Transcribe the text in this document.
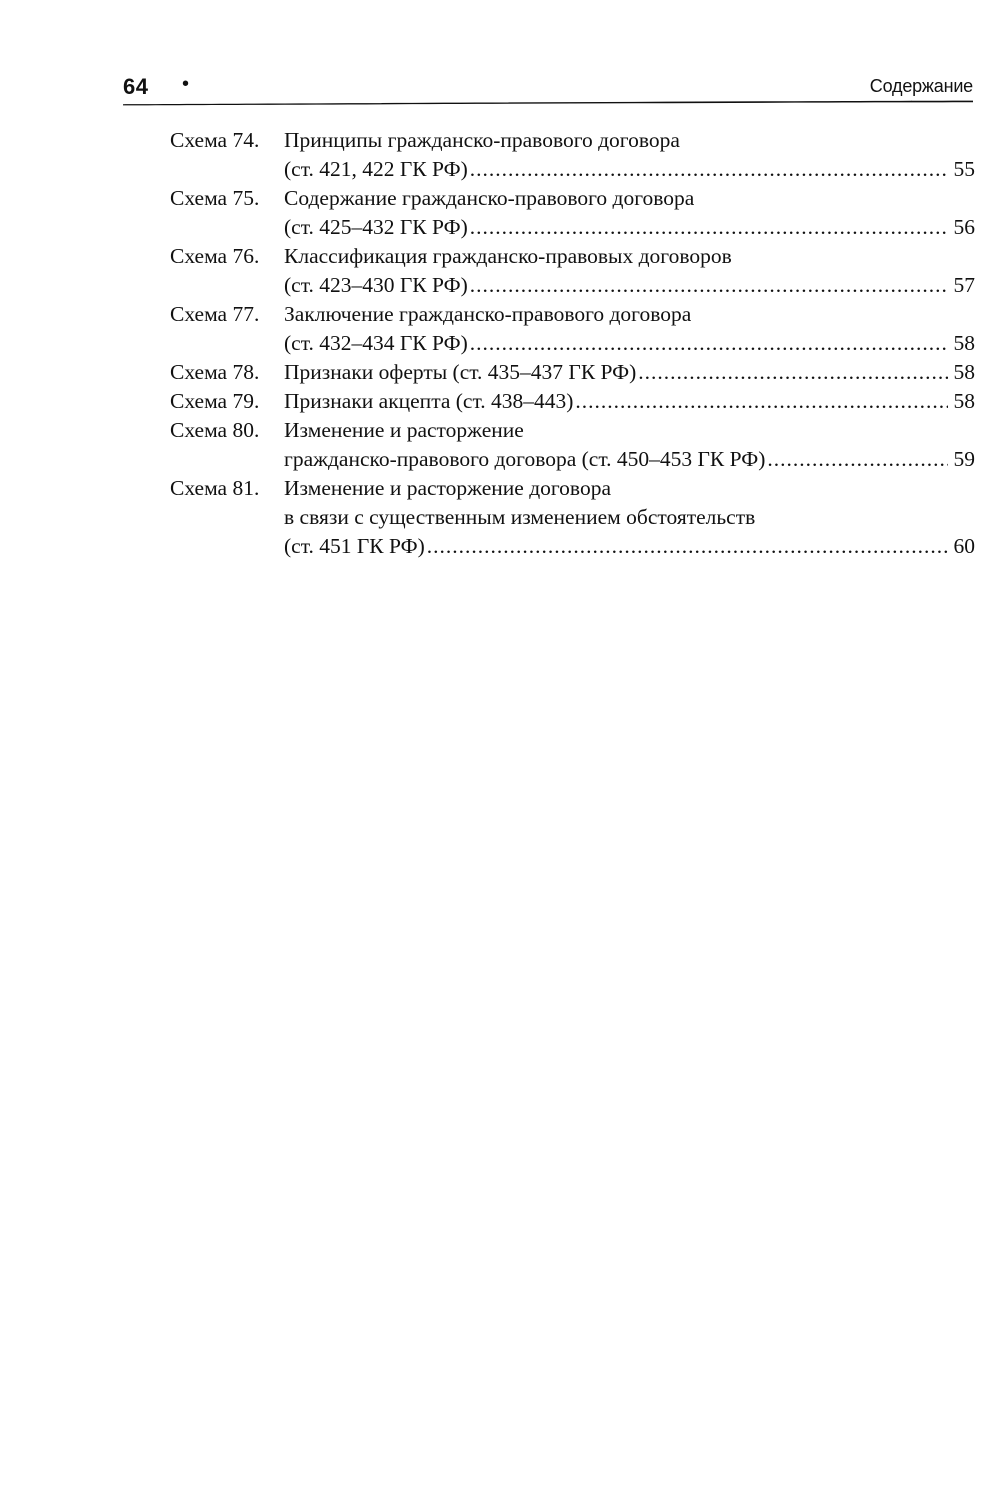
64 •	Содержание
Схема 74.	Принципы гражданско-правового договора
(ст. 421, 422 ГК РФ) .....	55
Схема 75.	Содержание гражданско-правового договора
(ст. 425–432 ГК РФ) .....	56
Схема 76.	Классификация гражданско-правовых договоров
(ст. 423–430 ГК РФ) .....	57
Схема 77.	Заключение гражданско-правового договора
(ст. 432–434 ГК РФ) .....	58
Схема 78.	Признаки оферты (ст. 435–437 ГК РФ) .....	58
Схема 79.	Признаки акцепта (ст. 438–443) .....	58
Схема 80.	Изменение и расторжение
гражданско-правового договора (ст. 450–453 ГК РФ) .....	59
Схема 81.	Изменение и расторжение договора
в связи с существенным изменением обстоятельств
(ст. 451 ГК РФ) .....	60
